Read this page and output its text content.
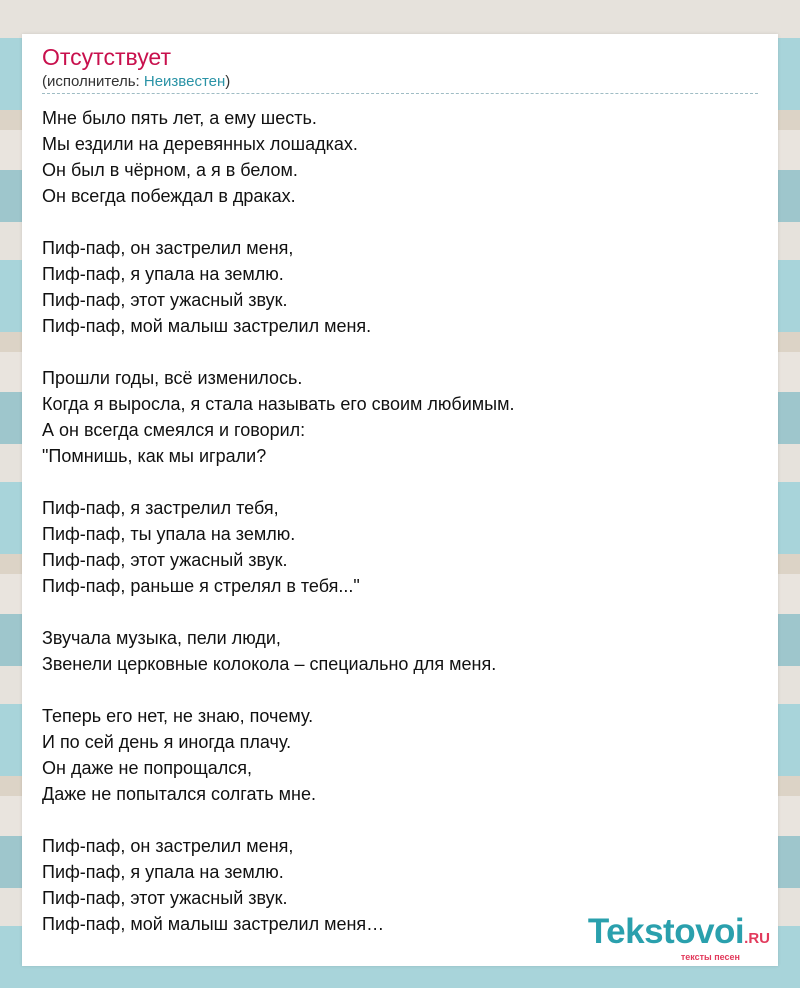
Отсутствует
(исполнитель: Неизвестен)
Мне было пять лет, а ему шесть.
Мы ездили на деревянных лошадках.
Он был в чёрном, а я в белом.
Он всегда побеждал в драках.
Пиф-паф, он застрелил меня,
Пиф-паф, я упала на землю.
Пиф-паф, этот ужасный звук.
Пиф-паф, мой малыш застрелил меня.
Прошли годы, всё изменилось.
Когда я выросла, я стала называть его своим любимым.
А он всегда смеялся и говорил:
"Помнишь, как мы играли?
Пиф-паф, я застрелил тебя,
Пиф-паф, ты упала на землю.
Пиф-паф, этот ужасный звук.
Пиф-паф, раньше я стрелял в тебя..."
Звучала музыка, пели люди,
Звенели церковные колокола – специально для меня.
Теперь его нет, не знаю, почему.
И по сей день я иногда плачу.
Он даже не попрощался,
Даже не попытался солгать мне.
Пиф-паф, он застрелил меня,
Пиф-паф, я упала на землю.
Пиф-паф, этот ужасный звук.
Пиф-паф, мой малыш застрелил меня…	Tekstovoi.RU
тексты песен
